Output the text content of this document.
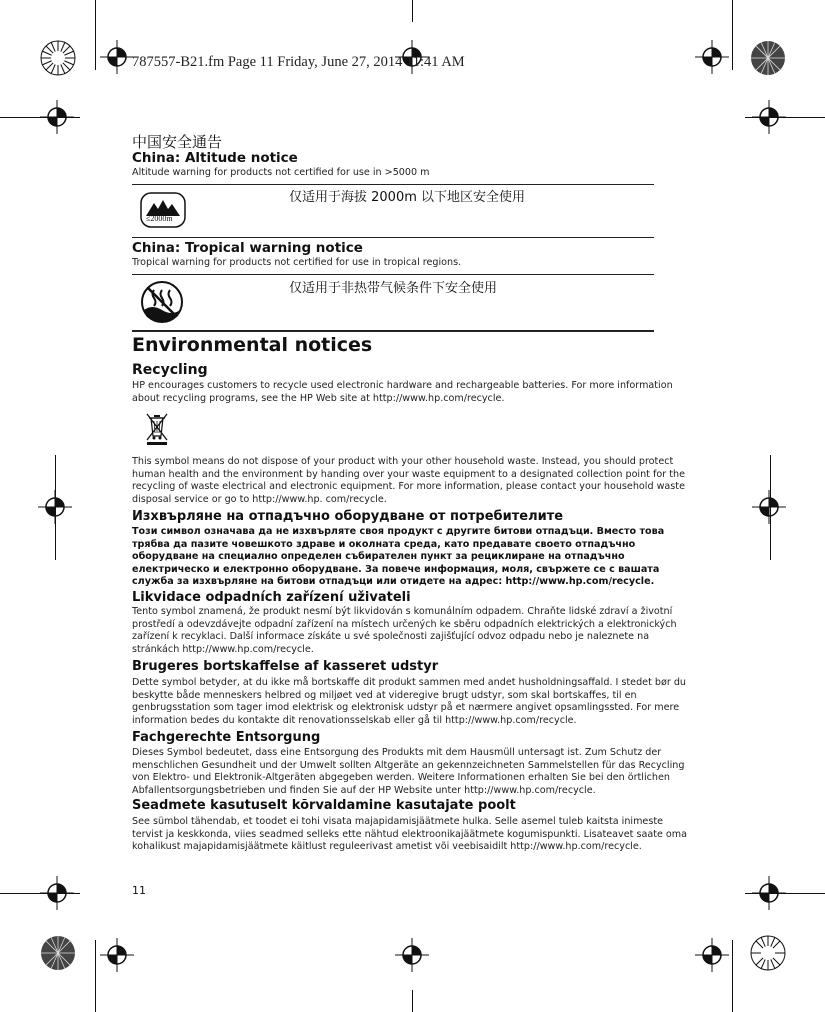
787557-B21.fm Page 11 Friday, June 27, 2014 11:41 AM
中国安全通告
China: Altitude notice

Altitude warning for products not certified for use in >5000 m

≤2000m
仅适用于海拔 2000m 以下地区安全使用
China: Tropical warning notice

Tropical warning for products not certified for use in tropical regions.

仅适用于非热带气候条件下安全使用
Environmental notices
Recycling

HP encourages customers to recycle used electronic hardware and rechargeable batteries. For more information about recycling programs, see the HP Web site at http://www.hp.com/recycle.

This symbol means do not dispose of your product with your other household waste. Instead, you should protect human health and the environment by handing over your waste equipment to a designated collection point for the recycling of waste electrical and electronic equipment. For more information, please contact your household waste disposal service or go to http://www.hp. com/recycle.

Изхвърляне на отпадъчно оборудване от потребителите

Този символ означава да не изхвърляте своя продукт с другите битови отпадъци. Вместо това трябва да пазите човешкото здраве и околната среда, като предавате своето отпадъчно оборудване на специално определен събирателен пункт за рециклиране на отпадъчно електрическо и електронно оборудване. За повече информация, моля, свържете се с вашата служба за изхвърляне на битови отпадъци или отидете на адрес: http://www.hp.com/recycle.

Likvidace odpadních zařízení uživateli

Tento symbol znamená, že produkt nesmí být likvidován s komunálním odpadem. Chraňte lidské zdraví a životní prostředí a odevzdávejte odpadní zařízení na místech určených ke sběru odpadních elektrických a elektronických zařízení k recyklaci. Další informace získáte u své společnosti zajišťující odvoz odpadu nebo je naleznete na stránkách http://www.hp.com/recycle.

Brugeres bortskaffelse af kasseret udstyr

Dette symbol betyder, at du ikke må bortskaffe dit produkt sammen med andet husholdningsaffald. I stedet bør du beskytte både menneskers helbred og miljøet ved at videregive brugt udstyr, som skal bortskaffes, til en genbrugsstation som tager imod elektrisk og elektronisk udstyr på et nærmere angivet opsamlingssted. For mere information bedes du kontakte dit renovationsselskab eller gå til http://www.hp.com/recycle.

Fachgerechte Entsorgung

Dieses Symbol bedeutet, dass eine Entsorgung des Produkts mit dem Hausmüll untersagt ist. Zum Schutz der menschlichen Gesundheit und der Umwelt sollten Altgeräte an gekennzeichneten Sammelstellen für das Recycling von Elektro- und Elektronik-Altgeräten abgegeben werden. Weitere Informationen erhalten Sie bei den örtlichen Abfallentsorgungsbetrieben und finden Sie auf der HP Website unter http://www.hp.com/recycle.

Seadmete kasutuselt kõrvaldamine kasutajate poolt

See sümbol tähendab, et toodet ei tohi visata majapidamisjäätmete hulka. Selle asemel tuleb kaitsta inimeste tervist ja keskkonda, viies seadmed selleks ette nähtud elektroonikajäätmete kogumispunkti. Lisateavet saate oma kohalikust majapidamisjäätmete käitlust reguleerivast ametist või veebisaidilt http://www.hp.com/recycle.

11
